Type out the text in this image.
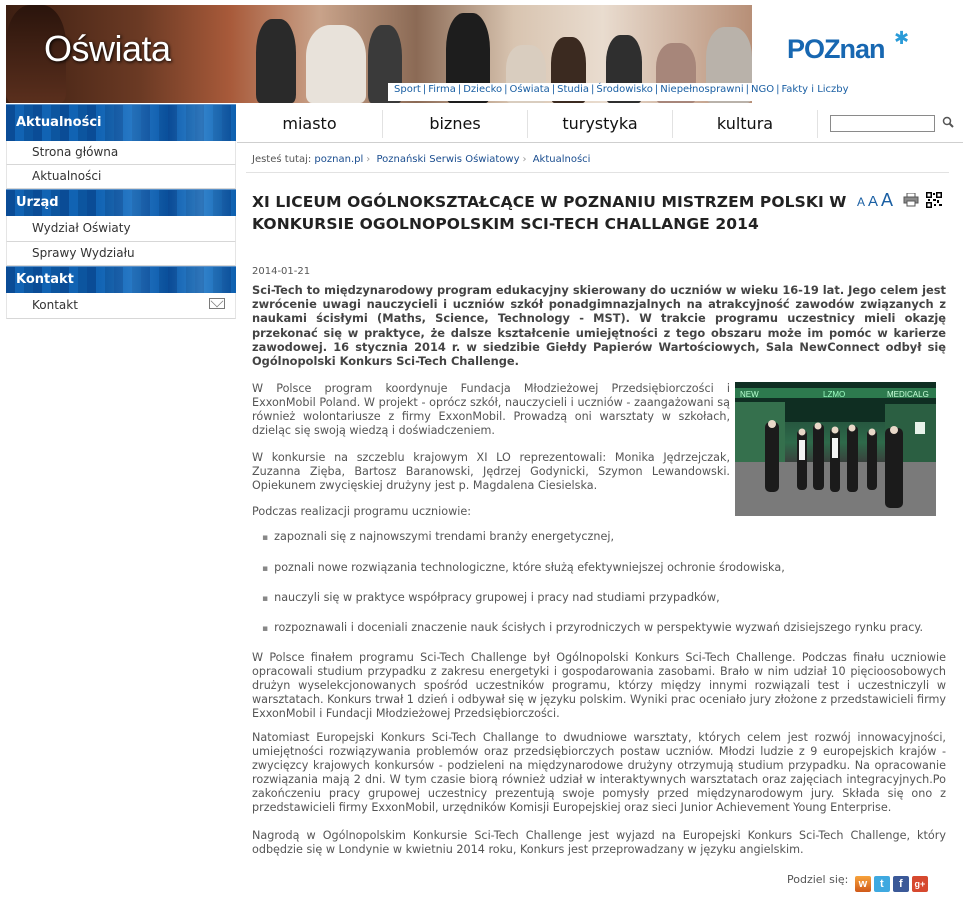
Oświata	POZnan ✱
Sport | Firma | Dziecko | Oświata | Studia | Środowisko | Niepełnosprawni | NGO | Fakty i Liczby
Aktualności
Strona główna
Aktualności
Urząd
Wydział Oświaty
Sprawy Wydziału
Kontakt
Kontakt
miasto	biznes	turystyka	kultura
Jesteś tutaj: poznan.pl › Poznański Serwis Oświatowy › Aktualności
XI LICEUM OGÓLNOKSZTAŁCĄCE W POZNANIU MISTRZEM POLSKI W KONKURSIE OGOLNOPOLSKIM SCI-TECH CHALLANGE 2014
A A A
2014-01-21
Sci-Tech to międzynarodowy program edukacyjny skierowany do uczniów w wieku 16-19 lat. Jego celem jest zwrócenie uwagi nauczycieli i uczniów szkół ponadgimnazjalnych na atrakcyjność zawodów związanych z naukami ścisłymi (Maths, Science, Technology - MST). W trakcie programu uczestnicy mieli okazję przekonać się w praktyce, że dalsze kształcenie umiejętności z tego obszaru może im pomóc w karierze zawodowej. 16 stycznia 2014 r. w siedzibie Giełdy Papierów Wartościowych, Sala NewConnect odbył się Ogólnopolski Konkurs Sci-Tech Challenge.
NEW	LZMO	MEDICALG
W Polsce program koordynuje Fundacja Młodzieżowej Przedsiębiorczości i ExxonMobil Poland. W projekt - oprócz szkół, nauczycieli i uczniów - zaangażowani są również wolontariusze z firmy ExxonMobil. Prowadzą oni warsztaty w szkołach, dzieląc się swoją wiedzą i doświadczeniem.
W konkursie na szczeblu krajowym XI LO reprezentowali: Monika Jędrzejczak, Zuzanna Zięba, Bartosz Baranowski, Jędrzej Godynicki, Szymon Lewandowski. Opiekunem zwycięskiej drużyny jest p. Magdalena Ciesielska.
Podczas realizacji programu uczniowie:
▪ zapoznali się z najnowszymi trendami branży energetycznej,
▪ poznali nowe rozwiązania technologiczne, które służą efektywniejszej ochronie środowiska,
▪ nauczyli się w praktyce współpracy grupowej i pracy nad studiami przypadków,
▪ rozpoznawali i doceniali znaczenie nauk ścisłych i przyrodniczych w perspektywie wyzwań dzisiejszego rynku pracy.
W Polsce finałem programu Sci-Tech Challenge był Ogólnopolski Konkurs Sci-Tech Challenge. Podczas finału uczniowie opracowali studium przypadku z zakresu energetyki i gospodarowania zasobami. Brało w nim udział 10 pięcioosobowych drużyn wyselekcjonowanych spośród uczestników programu, którzy między innymi rozwiązali test i uczestniczyli w warsztatach. Konkurs trwał 1 dzień i odbywał się w języku polskim. Wyniki prac oceniało jury złożone z przedstawicieli firmy ExxonMobil i Fundacji Młodzieżowej Przedsiębiorczości.
Natomiast Europejski Konkurs Sci-Tech Challange to dwudniowe warsztaty, których celem jest rozwój innowacyjności, umiejętności rozwiązywania problemów oraz przedsiębiorczych postaw uczniów. Młodzi ludzie z 9 europejskich krajów - zwycięzcy krajowych konkursów - podzieleni na międzynarodowe drużyny otrzymują studium przypadku. Na opracowanie rozwiązania mają 2 dni. W tym czasie biorą również udział w interaktywnych warsztatach oraz zajęciach integracyjnych.Po zakończeniu pracy grupowej uczestnicy prezentują swoje pomysły przed międzynarodowym jury. Składa się ono z przedstawicieli firmy ExxonMobil, urzędników Komisji Europejskiej oraz sieci Junior Achievement Young Enterprise.
Nagrodą w Ogólnopolskim Konkursie Sci-Tech Challenge jest wyjazd na Europejski Konkurs Sci-Tech Challenge, który odbędzie się w Londynie w kwietniu 2014 roku, Konkurs jest przeprowadzany w języku angielskim.
Podziel się: w t f g+
